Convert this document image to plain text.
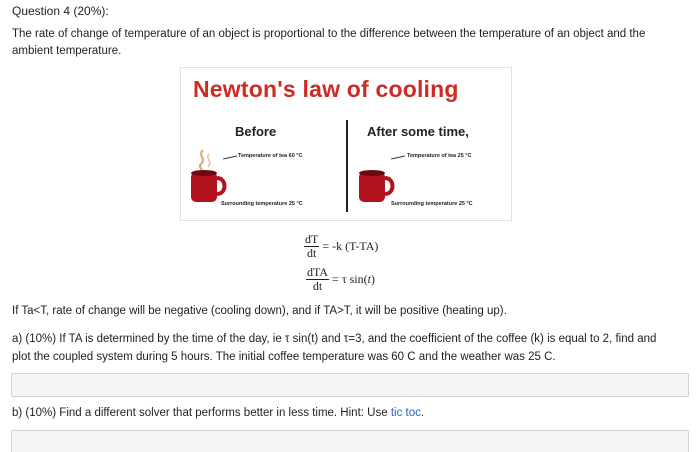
Question 4 (20%):
The rate of change of temperature of an object is proportional to the difference between the temperature of an object and the ambient temperature.
Newton's law of cooling
Before	After some time,
Temperature of tea 60 °C
Surrounding temperature 25 °C
Temperature of tea 25 °C
Surrounding temperature 25 °C
$\frac{dT}{dt} = -k$ (T-TA)
$\frac{\text{dTA}}{dt} = \tau$ sin(t)
If Ta<T, rate of change will be negative (cooling down), and if TA>T, it will be positive (heating up).
a) (10%) If TA is determined by the time of the day, ie τ sin(t) and τ=3, and the coefficient of the coffee (k) is equal to 2, find and
plot the coupled system during 5 hours. The initial coffee temperature was 60 C and the weather was 25 C.
b) (10%) Find a different solver that performs better in less time. Hint: Use tic toc.
